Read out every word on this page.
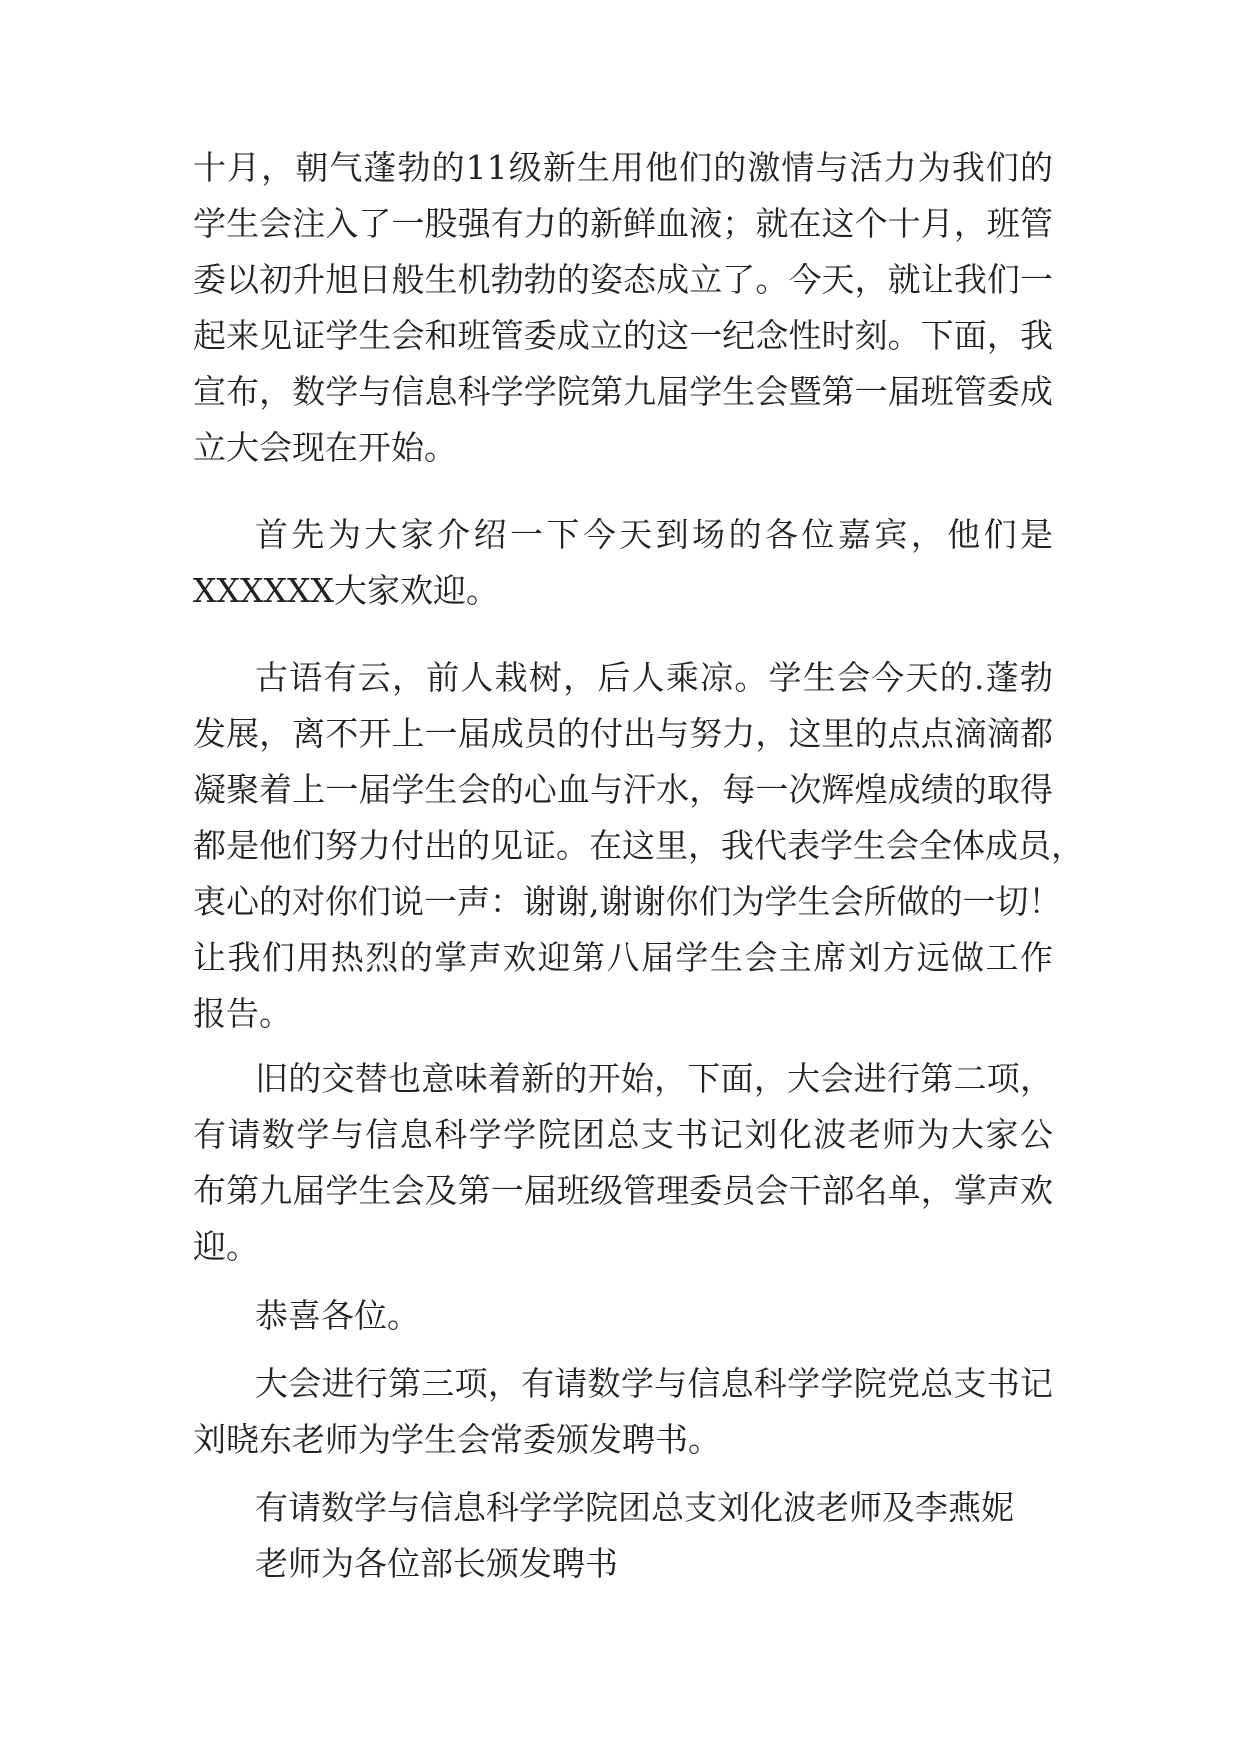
十月，朝气蓬勃的11级新生用他们的激情与活力为我们的
学生会注入了一股强有力的新鲜血液；就在这个十月，班管
委以初升旭日般生机勃勃的姿态成立了。今天，就让我们一
起来见证学生会和班管委成立的这一纪念性时刻。下面，我
宣布，数学与信息科学学院第九届学生会暨第一届班管委成
立大会现在开始。
首先为大家介绍一下今天到场的各位嘉宾，他们是
XXXXXX大家欢迎。
古语有云，前人栽树，后人乘凉。学生会今天的.蓬勃
发展，离不开上一届成员的付出与努力，这里的点点滴滴都
凝聚着上一届学生会的心血与汗水，每一次辉煌成绩的取得
都是他们努力付出的见证。在这里，我代表学生会全体成员，
衷心的对你们说一声：谢谢,谢谢你们为学生会所做的一切！
让我们用热烈的掌声欢迎第八届学生会主席刘方远做工作
报告。
旧的交替也意味着新的开始，下面，大会进行第二项，
有请数学与信息科学学院团总支书记刘化波老师为大家公
布第九届学生会及第一届班级管理委员会干部名单，掌声欢
迎。
恭喜各位。
大会进行第三项，有请数学与信息科学学院党总支书记
刘晓东老师为学生会常委颁发聘书。
有请数学与信息科学学院团总支刘化波老师及李燕妮
老师为各位部长颁发聘书
